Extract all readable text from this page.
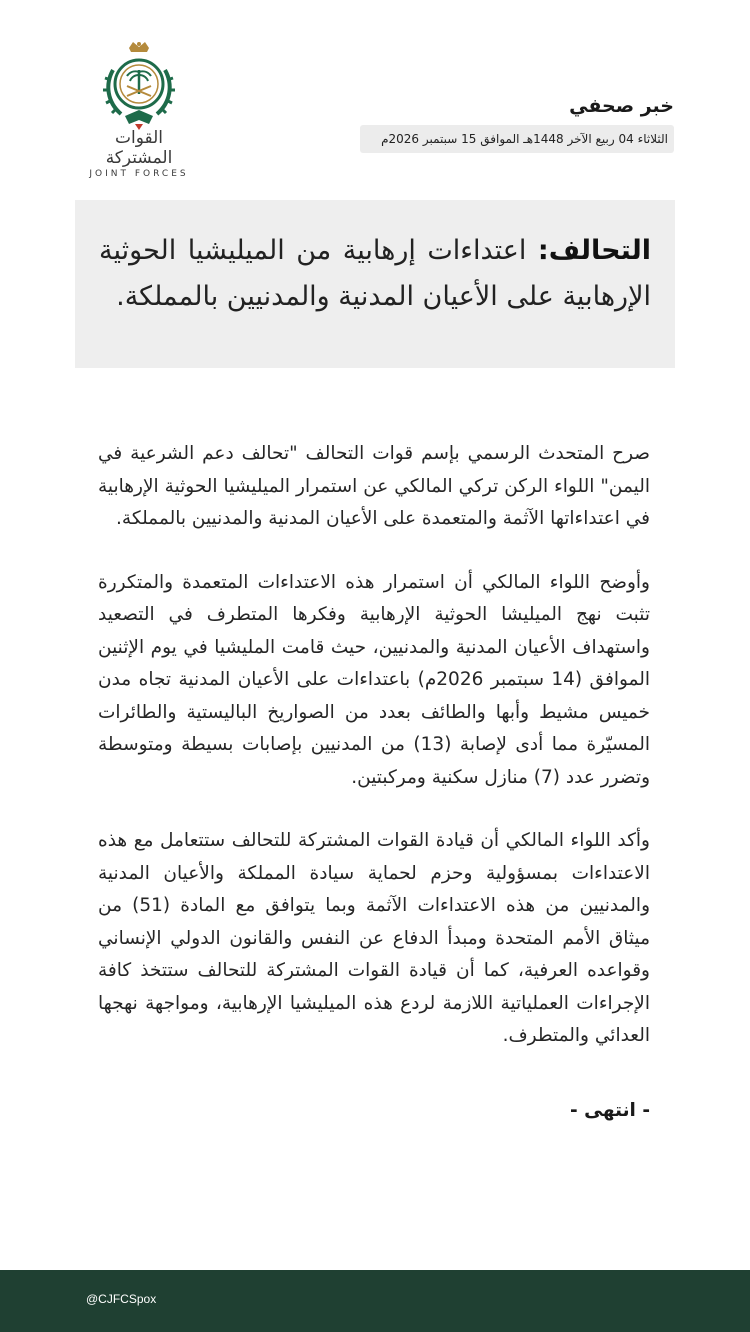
القوات المشتركة
JOINT FORCES
خبر صحفي
الثلاثاء 04 ربيع الآخر 1448هـ الموافق 15 سبتمبر 2026م
التحالف: اعتداءات إرهابية من الميليشيا الحوثية الإرهابية على الأعيان المدنية والمدنيين بالمملكة.

صرح المتحدث الرسمي بإسم قوات التحالف "تحالف دعم الشرعية في اليمن" اللواء الركن تركي المالكي عن استمرار الميليشيا الحوثية الإرهابية في اعتداءاتها الآثمة والمتعمدة على الأعيان المدنية والمدنيين بالمملكة.

وأوضح اللواء المالكي أن استمرار هذه الاعتداءات المتعمدة والمتكررة تثبت نهج الميليشا الحوثية الإرهابية وفكرها المتطرف في التصعيد واستهداف الأعيان المدنية والمدنيين، حيث قامت المليشيا في يوم الإثنين الموافق (14 سبتمبر 2026م) باعتداءات على الأعيان المدنية تجاه مدن خميس مشيط وأبها والطائف بعدد من الصواريخ الباليستية والطائرات المسيّرة مما أدى لإصابة (13) من المدنيين بإصابات بسيطة ومتوسطة وتضرر عدد (7) منازل سكنية ومركبتين.

وأكد اللواء المالكي أن قيادة القوات المشتركة للتحالف ستتعامل مع هذه الاعتداءات بمسؤولية وحزم لحماية سيادة المملكة والأعيان المدنية والمدنيين من هذه الاعتداءات الآثمة وبما يتوافق مع المادة (51) من ميثاق الأمم المتحدة ومبدأ الدفاع عن النفس والقانون الدولي الإنساني وقواعده العرفية، كما أن قيادة القوات المشتركة للتحالف ستتخذ كافة الإجراءات العملياتية اللازمة لردع هذه الميليشيا الإرهابية، ومواجهة نهجها العدائي والمتطرف.

- انتهى -
@CJFCSpox
